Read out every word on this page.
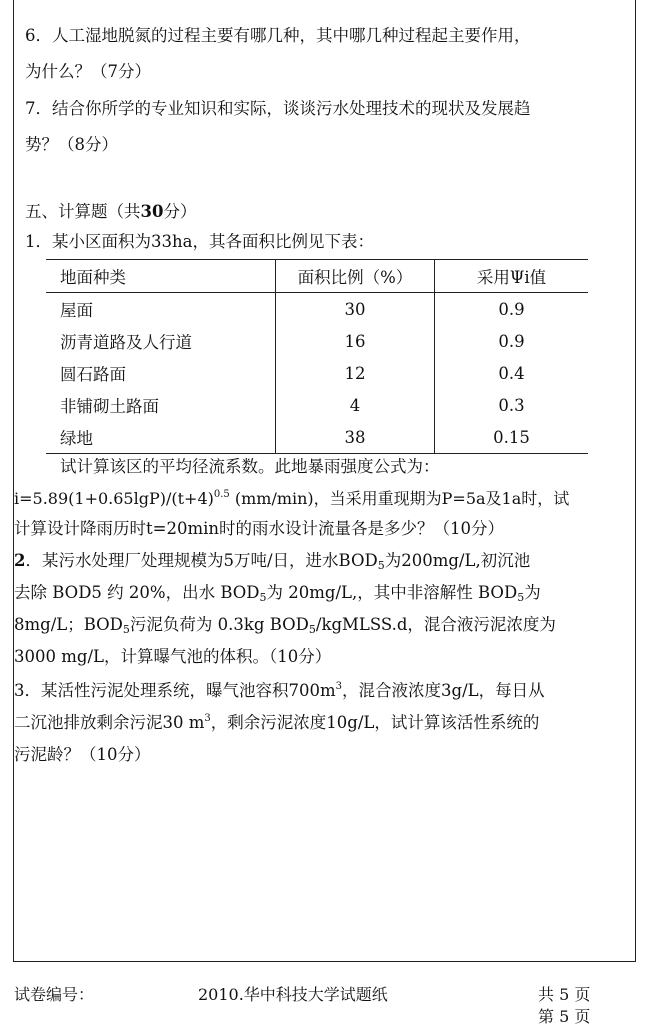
6．人工湿地脱氮的过程主要有哪几种，其中哪几种过程起主要作用，
为什么？（7分）
7．结合你所学的专业知识和实际，谈谈污水处理技术的现状及发展趋
势？（8分）
五、计算题（共30分）
1．某小区面积为33ha，其各面积比例见下表：
地面种类	面积比例（%）	采用Ψi值
屋面	30	0.9
沥青道路及人行道	16	0.9
圆石路面	12	0.4
非铺砌土路面	4	0.3
绿地	38	0.15
试计算该区的平均径流系数。此地暴雨强度公式为：
$i=5.89(1+0.65\lg P)/(t+4)^{0.5}$ (mm/min)，当采用重现期为P=5a及1a时，试
计算设计降雨历时t=20min时的雨水设计流量各是多少？（10分）
2．某污水处理厂处理规模为5万吨/日，进水$BOD_5$为200mg/L,初沉池
去除 BOD5 约 20%，出水 $BOD_5$为 20mg/L,，其中非溶解性 $BOD_5$为
8mg/L；$BOD_5$污泥负荷为 0.3kg $BOD_5/kgMLSS.d$，混合液污泥浓度为
3000 mg/L，计算曝气池的体积。（10分）
3．某活性污泥处理系统，曝气池容积$700m^3$，混合液浓度3g/L，每日从
二沉池排放剩余污泥30 $m^3$，剩余污泥浓度10g/L，试计算该活性系统的
污泥龄？（10分）
试卷编号：	2010.华中科技大学试题纸	共 5 页
第 5 页
